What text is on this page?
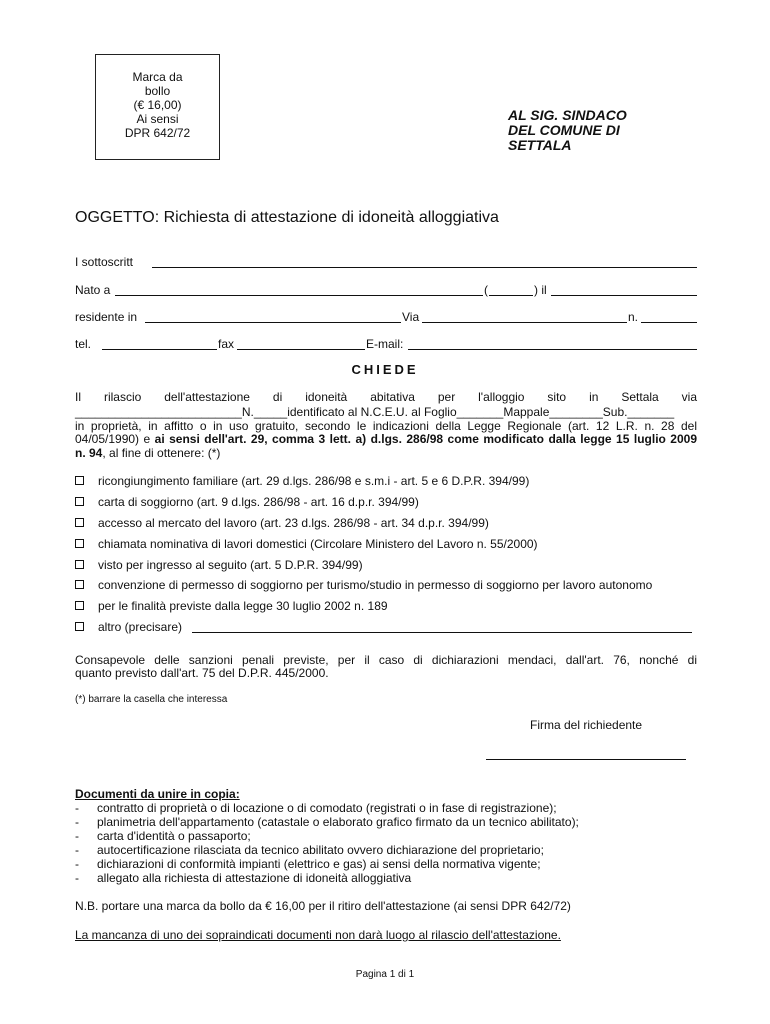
Marca da
bollo
(€ 16,00)
Ai sensi
DPR 642/72
AL SIG. SINDACO
DEL COMUNE DI
SETTALA
OGGETTO: Richiesta di attestazione di idoneità alloggiativa
I sottoscritt
Nato a	(	) il
residente in	Via	n.
tel.	fax	E-mail:
CHIEDE
Il rilascio dell'attestazione di idoneità abitativa per l'alloggio sito in Settala via
_________________________N._____identificato al N.C.E.U. al Foglio_______Mappale________Sub._______
in proprietà, in affitto o in uso gratuito, secondo le indicazioni della Legge Regionale (art. 12 L.R. n. 28 del
04/05/1990) e ai sensi dell'art. 29, comma 3 lett. a) d.lgs. 286/98 come modificato dalla legge 15 luglio 2009
n. 94, al fine di ottenere: (*)
ricongiungimento familiare (art. 29 d.lgs. 286/98 e s.m.i - art. 5 e 6 D.P.R. 394/99)
carta di soggiorno (art. 9 d.lgs. 286/98 - art. 16 d.p.r. 394/99)
accesso al mercato del lavoro (art. 23 d.lgs. 286/98 - art. 34 d.p.r. 394/99)
chiamata nominativa di lavori domestici (Circolare Ministero del Lavoro n. 55/2000)
visto per ingresso al seguito (art. 5 D.P.R. 394/99)
convenzione di permesso di soggiorno per turismo/studio in permesso di soggiorno per lavoro autonomo
per le finalità previste dalla legge 30 luglio 2002 n. 189
altro (precisare)
Consapevole delle sanzioni penali previste, per il caso di dichiarazioni mendaci, dall'art. 76, nonché di
quanto previsto dall'art. 75 del D.P.R. 445/2000.
(*) barrare la casella che interessa
Firma del richiedente
Documenti da unire in copia:
- contratto di proprietà o di locazione o di comodato (registrati o in fase di registrazione);
- planimetria dell'appartamento (catastale o elaborato grafico firmato da un tecnico abilitato);
- carta d'identità o passaporto;
- autocertificazione rilasciata da tecnico abilitato ovvero dichiarazione del proprietario;
- dichiarazioni di conformità impianti (elettrico e gas) ai sensi della normativa vigente;
- allegato alla richiesta di attestazione di idoneità alloggiativa
N.B. portare una marca da bollo da € 16,00 per il ritiro dell'attestazione (ai sensi DPR 642/72)
La mancanza di uno dei sopraindicati documenti non darà luogo al rilascio dell'attestazione.
Pagina 1 di 1
